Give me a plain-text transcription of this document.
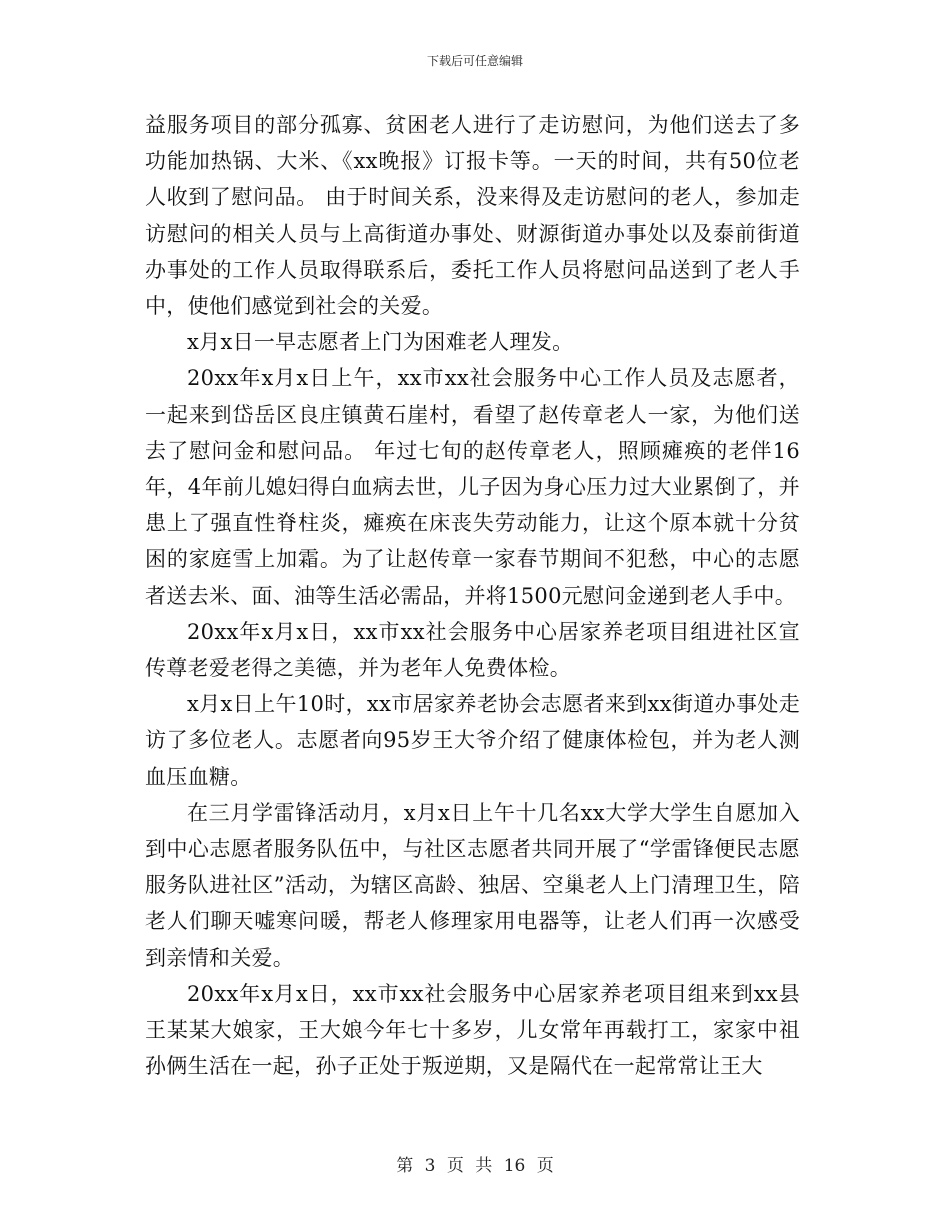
下载后可任意编辑

益服务项目的部分孤寡、贫困老人进行了走访慰问，为他们送去了多功能加热锅、大米、《xx晚报》订报卡等。一天的时间，共有50位老人收到了慰问品。 由于时间关系，没来得及走访慰问的老人，参加走访慰问的相关人员与上高街道办事处、财源街道办事处以及泰前街道办事处的工作人员取得联系后，委托工作人员将慰问品送到了老人手中，使他们感觉到社会的关爱。

x月x日一早志愿者上门为困难老人理发。

20xx年x月x日上午，xx市xx社会服务中心工作人员及志愿者，一起来到岱岳区良庄镇黄石崖村，看望了赵传章老人一家，为他们送去了慰问金和慰问品。 年过七旬的赵传章老人，照顾瘫痪的老伴16年，4年前儿媳妇得白血病去世，儿子因为身心压力过大业累倒了，并患上了强直性脊柱炎，瘫痪在床丧失劳动能力，让这个原本就十分贫困的家庭雪上加霜。为了让赵传章一家春节期间不犯愁，中心的志愿者送去米、面、油等生活必需品，并将1500元慰问金递到老人手中。

20xx年x月x日，xx市xx社会服务中心居家养老项目组进社区宣传尊老爱老得之美德，并为老年人免费体检。

x月x日上午10时，xx市居家养老协会志愿者来到xx街道办事处走访了多位老人。志愿者向95岁王大爷介绍了健康体检包，并为老人测血压血糖。

在三月学雷锋活动月，x月x日上午十几名xx大学大学生自愿加入到中心志愿者服务队伍中，与社区志愿者共同开展了“学雷锋便民志愿服务队进社区”活动，为辖区高龄、独居、空巢老人上门清理卫生，陪老人们聊天嘘寒问暖，帮老人修理家用电器等，让老人们再一次感受到亲情和关爱。

20xx年x月x日，xx市xx社会服务中心居家养老项目组来到xx县王某某大娘家，王大娘今年七十多岁，儿女常年再载打工，家家中祖孙俩生活在一起，孙子正处于叛逆期，又是隔代在一起常常让王大

第 3 页 共 16 页
